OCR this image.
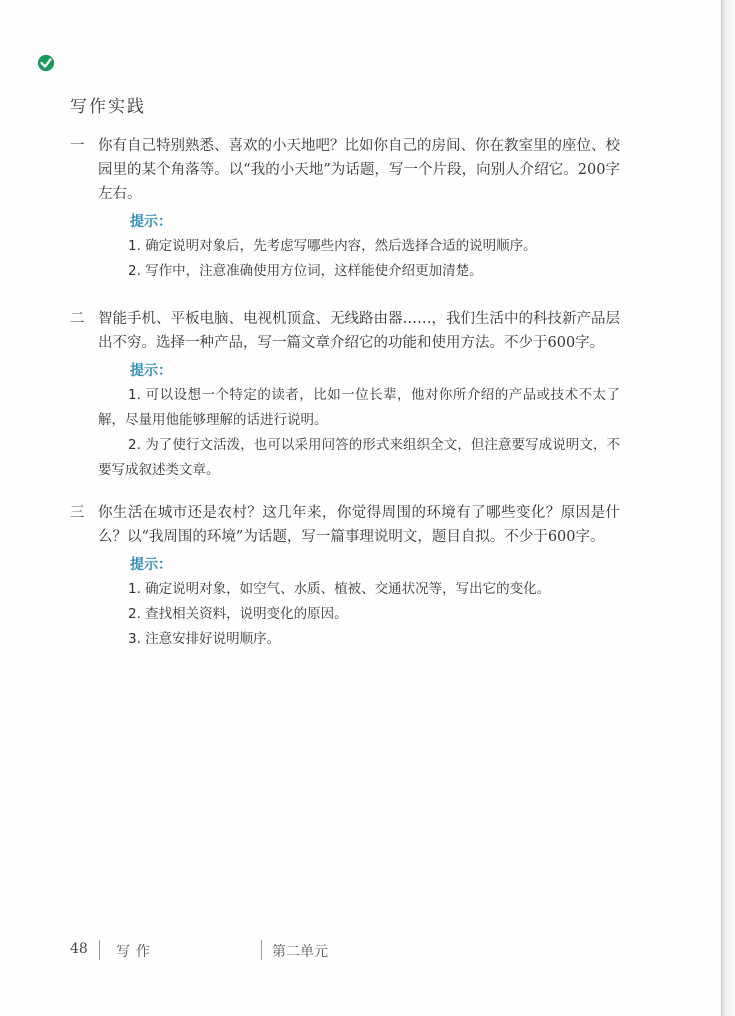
写作实践
一 你有自己特别熟悉、喜欢的小天地吧？比如你自己的房间、你在教室里的座位、校园里的某个角落等。以“我的小天地”为话题，写一个片段，向别人介绍它。200字左右。
提示：
1. 确定说明对象后，先考虑写哪些内容，然后选择合适的说明顺序。
2. 写作中，注意准确使用方位词，这样能使介绍更加清楚。
二 智能手机、平板电脑、电视机顶盒、无线路由器……，我们生活中的科技新产品层出不穷。选择一种产品，写一篇文章介绍它的功能和使用方法。不少于600字。
提示：
1. 可以设想一个特定的读者，比如一位长辈，他对你所介绍的产品或技术不太了解，尽量用他能够理解的话进行说明。
2. 为了使行文活泼，也可以采用问答的形式来组织全文，但注意要写成说明文，不要写成叙述类文章。
三 你生活在城市还是农村？这几年来，你觉得周围的环境有了哪些变化？原因是什么？以“我周围的环境”为话题，写一篇事理说明文，题目自拟。不少于600字。
提示：
1. 确定说明对象，如空气、水质、植被、交通状况等，写出它的变化。
2. 查找相关资料，说明变化的原因。
3. 注意安排好说明顺序。
48 写作	第二单元
